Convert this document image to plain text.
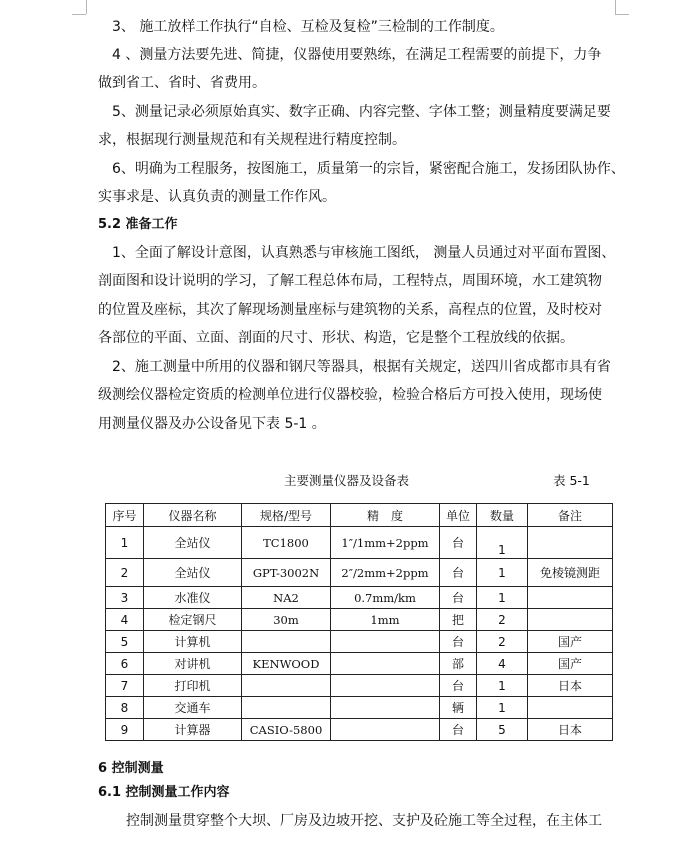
3、 施工放样工作执行“自检、互检及复检”三检制的工作制度。
4 、测量方法要先进、简捷，仪器使用要熟练，在满足工程需要的前提下，力争
做到省工、省时、省费用。
5、测量记录必须原始真实、数字正确、内容完整、字体工整；测量精度要满足要
求，根据现行测量规范和有关规程进行精度控制。
6、明确为工程服务，按图施工，质量第一的宗旨，紧密配合施工，发扬团队协作、
实事求是、认真负责的测量工作作风。
5.2 准备工作
1、全面了解设计意图，认真熟悉与审核施工图纸， 测量人员通过对平面布置图、
剖面图和设计说明的学习，了解工程总体布局，工程特点，周围环境，水工建筑物
的位置及座标，其次了解现场测量座标与建筑物的关系，高程点的位置，及时校对
各部位的平面、立面、剖面的尺寸、形状、构造，它是整个工程放线的依据。
2、施工测量中所用的仪器和钢尺等器具，根据有关规定，送四川省成都市具有省
级测绘仪器检定资质的检测单位进行仪器校验，检验合格后方可投入使用，现场使
用测量仪器及办公设备见下表 5-1 。
主要测量仪器及设备表	表 5-1
序号	仪器名称	规格/型号	精　度	单位	数量	备注
1	全站仪	TC1800	1″/1mm+2ppm	台	1	
2	全站仪	GPT-3002N	2″/2mm+2ppm	台	1	免棱镜测距
3	水准仪	NA2	0.7mm/km	台	1	
4	检定钢尺	30m	1mm	把	2	
5	计算机			台	2	国产
6	对讲机	KENWOOD		部	4	国产
7	打印机			台	1	日本
8	交通车			辆	1	
9	计算器	CASIO-5800		台	5	日本
6 控制测量
6.1 控制测量工作内容
控制测量贯穿整个大坝、厂房及边坡开挖、支护及砼施工等全过程，在主体工
